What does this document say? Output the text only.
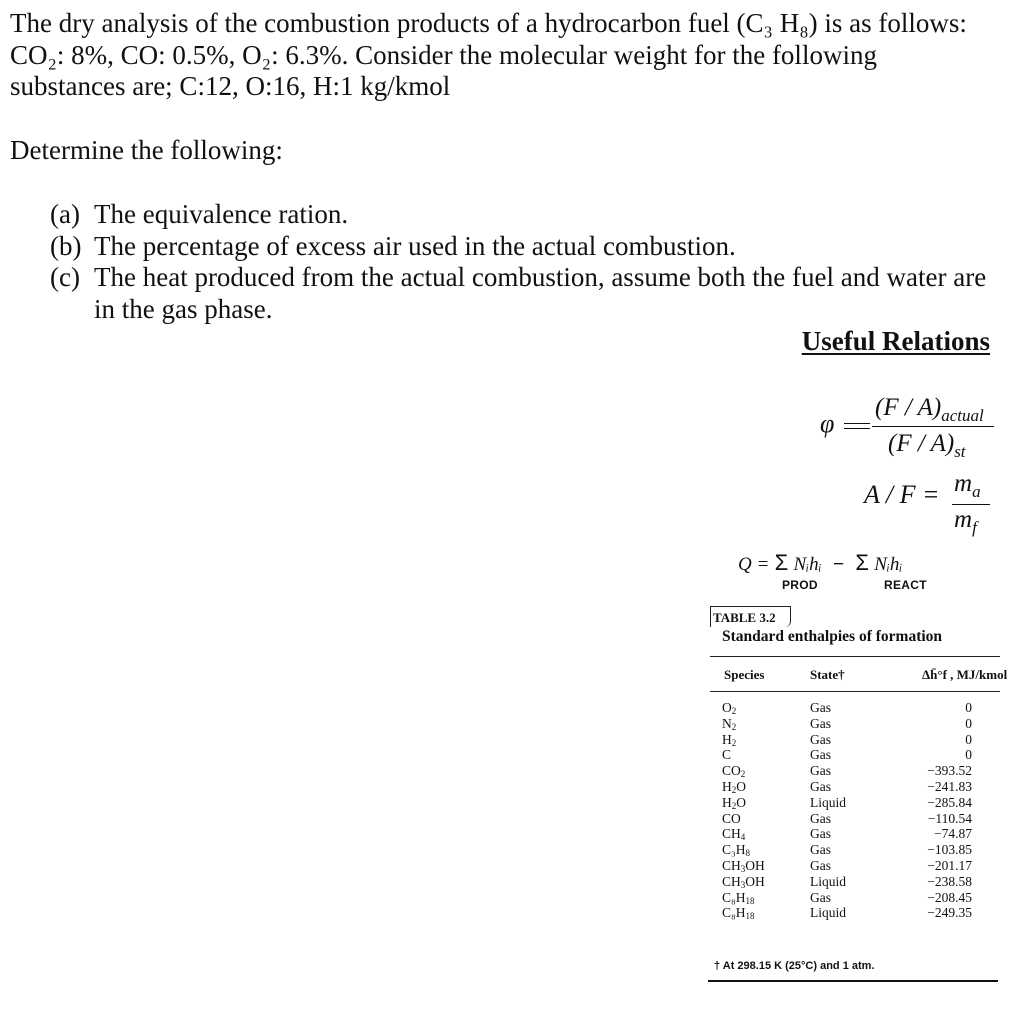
The dry analysis of the combustion products of a hydrocarbon fuel (C₃ H₈) is as follows:

CO₂: 8%, CO: 0.5%, O₂: 6.3%. Consider the molecular weight for the following

substances are; C:12, O:16, H:1 kg/kmol

Determine the following:
(a) The equivalence ration.
(b) The percentage of excess air used in the actual combustion.
(c) The heat produced from the actual combustion, assume both the fuel and water are in the gas phase.
Useful Relations
φ
$(F / A)_{actual}$
$(F / A)_{st}$
$A / F = m_a$
$m_f$
Q = Σ Nᵢhᵢ − Σ Nᵢhᵢ
PROD	REACT
TABLE 3.2
Standard enthalpies of formation
Species	State†	Δh̄°f , MJ/kmol
$O_2$	Gas	0
$N_2$	Gas	0
$H_2$	Gas	0
C	Gas	0
$CO_2$	Gas	−393.52
$H_2O$	Gas	−241.83
$H_2O$	Liquid	−285.84
CO	Gas	−110.54
$CH_4$	Gas	−74.87
$C_3H_8$	Gas	−103.85
$CH_3OH$	Gas	−201.17
$CH_3OH$	Liquid	−238.58
$C_8H_{18}$	Gas	−208.45
$C_8H_{18}$	Liquid	−249.35
† At 298.15 K (25°C) and 1 atm.
